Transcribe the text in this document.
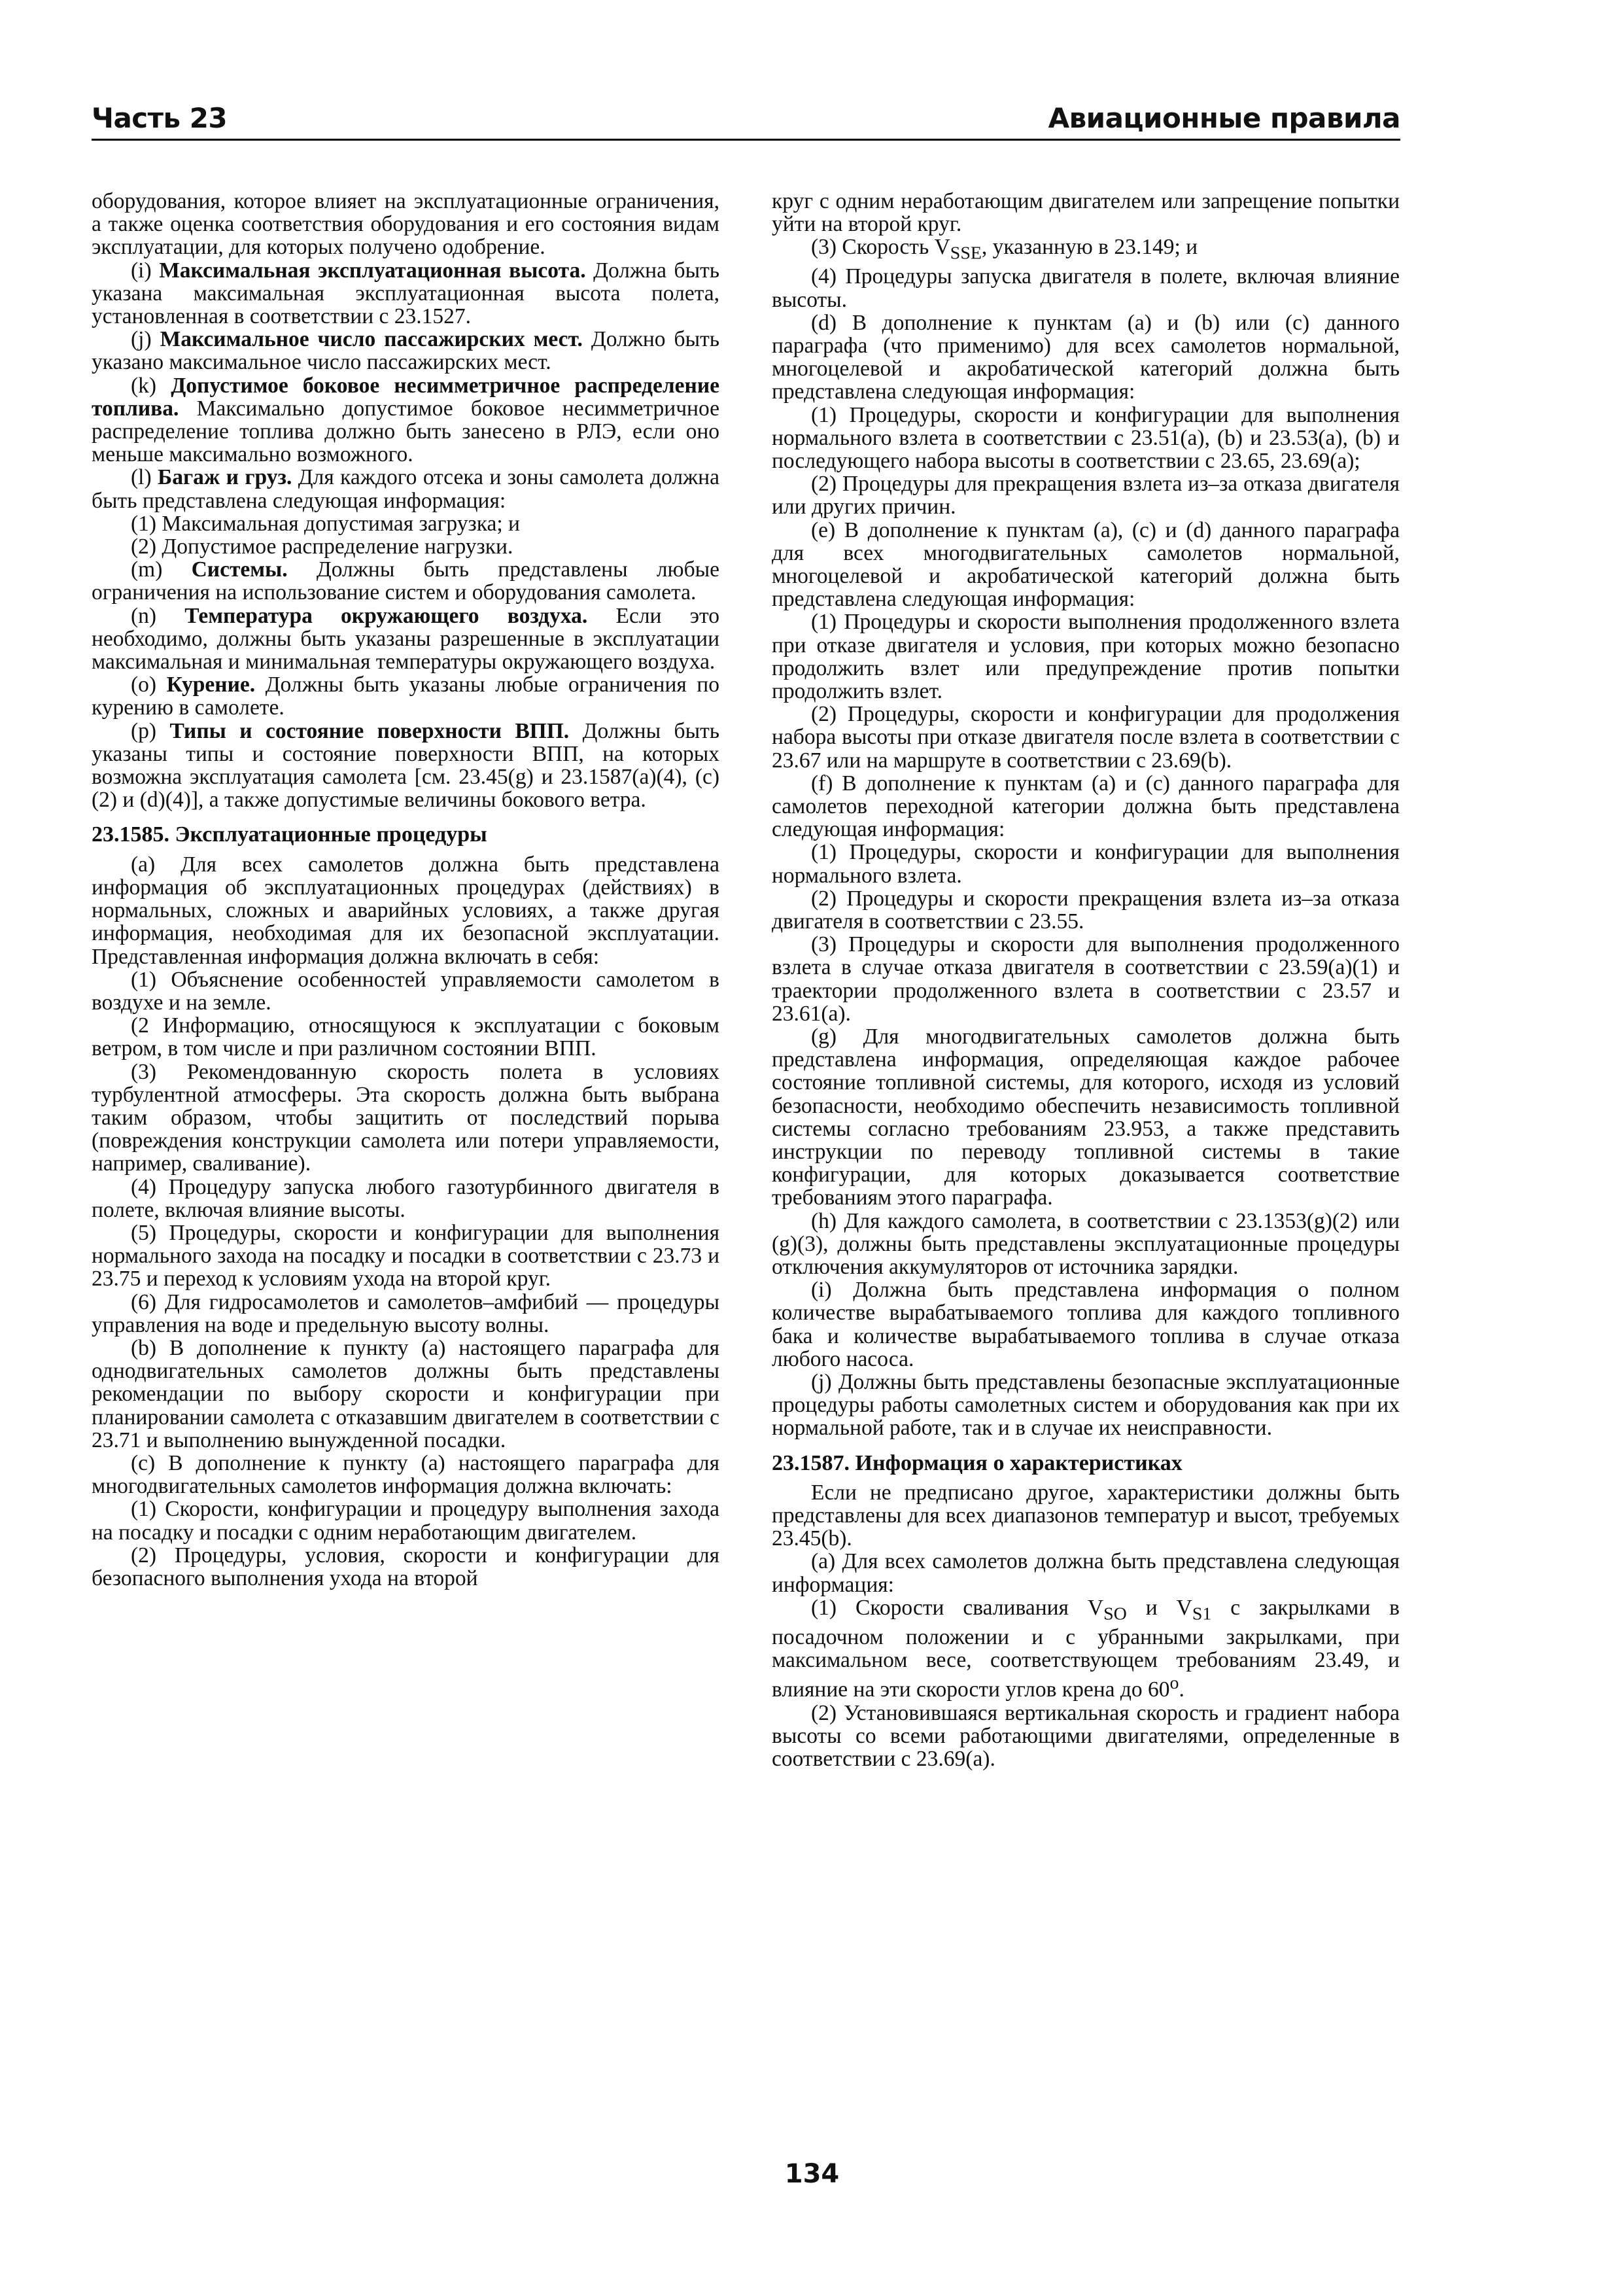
Часть 23	Авиационные правила

оборудования, которое влияет на эксплуатационные ограничения, а также оценка соответствия оборудования и его состояния видам эксплуатации, для которых получено одобрение.

(i) Максимальная эксплуатационная высота. Должна быть указана максимальная эксплуатационная высота полета, установленная в соответствии с 23.1527.

(j) Максимальное число пассажирских мест. Должно быть указано максимальное число пассажирских мест.

(k) Допустимое боковое несимметричное распределение топлива. Максимально допустимое боковое несимметричное распределение топлива должно быть занесено в РЛЭ, если оно меньше максимально возможного.

(l) Багаж и груз. Для каждого отсека и зоны самолета должна быть представлена следующая информация:

(1) Максимальная допустимая загрузка; и

(2) Допустимое распределение нагрузки.

(m) Системы. Должны быть представлены любые ограничения на использование систем и оборудования самолета.

(n) Температура окружающего воздуха. Если это необходимо, должны быть указаны разрешенные в эксплуатации максимальная и минимальная температуры окружающего воздуха.

(o) Курение. Должны быть указаны любые ограничения по курению в самолете.

(p) Типы и состояние поверхности ВПП. Должны быть указаны типы и состояние поверхности ВПП, на которых возможна эксплуатация самолета [см. 23.45(g) и 23.1587(a)(4), (c)(2) и (d)(4)], а также допустимые величины бокового ветра.

23.1585. Эксплуатационные процедуры

(a) Для всех самолетов должна быть представлена информация об эксплуатационных процедурах (действиях) в нормальных, сложных и аварийных условиях, а также другая информация, необходимая для их безопасной эксплуатации. Представленная информация должна включать в себя:

(1) Объяснение особенностей управляемости самолетом в воздухе и на земле.

(2 Информацию, относящуюся к эксплуатации с боковым ветром, в том числе и при различном состоянии ВПП.

(3) Рекомендованную скорость полета в условиях турбулентной атмосферы. Эта скорость должна быть выбрана таким образом, чтобы защитить от последствий порыва (повреждения конструкции самолета или потери управляемости, например, сваливание).

(4) Процедуру запуска любого газотурбинного двигателя в полете, включая влияние высоты.

(5) Процедуры, скорости и конфигурации для выполнения нормального захода на посадку и посадки в соответствии с 23.73 и 23.75 и переход к условиям ухода на второй круг.

(6) Для гидросамолетов и самолетов–амфибий — процедуры управления на воде и предельную высоту волны.

(b) В дополнение к пункту (a) настоящего параграфа для однодвигательных самолетов должны быть представлены рекомендации по выбору скорости и конфигурации при планировании самолета с отказавшим двигателем в соответствии с 23.71 и выполнению вынужденной посадки.

(c) В дополнение к пункту (a) настоящего параграфа для многодвигательных самолетов информация должна включать:

(1) Скорости, конфигурации и процедуру выполнения захода на посадку и посадки с одним неработающим двигателем.

(2) Процедуры, условия, скорости и конфигурации для безопасного выполнения ухода на второй

круг с одним неработающим двигателем или запрещение попытки уйти на второй круг.

(3) Скорость $V_{SSE}$, указанную в 23.149; и

(4) Процедуры запуска двигателя в полете, включая влияние высоты.

(d) В дополнение к пунктам (a) и (b) или (c) данного параграфа (что применимо) для всех самолетов нормальной, многоцелевой и акробатической категорий должна быть представлена следующая информация:

(1) Процедуры, скорости и конфигурации для выполнения нормального взлета в соответствии с 23.51(a), (b) и 23.53(a), (b) и последующего набора высоты в соответствии с 23.65, 23.69(a);

(2) Процедуры для прекращения взлета из–за отказа двигателя или других причин.

(e) В дополнение к пунктам (a), (c) и (d) данного параграфа для всех многодвигательных самолетов нормальной, многоцелевой и акробатической категорий должна быть представлена следующая информация:

(1) Процедуры и скорости выполнения продолженного взлета при отказе двигателя и условия, при которых можно безопасно продолжить взлет или предупреждение против попытки продолжить взлет.

(2) Процедуры, скорости и конфигурации для продолжения набора высоты при отказе двигателя после взлета в соответствии с 23.67 или на маршруте в соответствии с 23.69(b).

(f) В дополнение к пунктам (a) и (c) данного параграфа для самолетов переходной категории должна быть представлена следующая информация:

(1) Процедуры, скорости и конфигурации для выполнения нормального взлета.

(2) Процедуры и скорости прекращения взлета из–за отказа двигателя в соответствии с 23.55.

(3) Процедуры и скорости для выполнения продолженного взлета в случае отказа двигателя в соответствии с 23.59(a)(1) и траектории продолженного взлета в соответствии с 23.57 и 23.61(a).

(g) Для многодвигательных самолетов должна быть представлена информация, определяющая каждое рабочее состояние топливной системы, для которого, исходя из условий безопасности, необходимо обеспечить независимость топливной системы согласно требованиям 23.953, а также представить инструкции по переводу топливной системы в такие конфигурации, для которых доказывается соответствие требованиям этого параграфа.

(h) Для каждого самолета, в соответствии с 23.1353(g)(2) или (g)(3), должны быть представлены эксплуатационные процедуры отключения аккумуляторов от источника зарядки.

(i) Должна быть представлена информация о полном количестве вырабатываемого топлива для каждого топливного бака и количестве вырабатываемого топлива в случае отказа любого насоса.

(j) Должны быть представлены безопасные эксплуатационные процедуры работы самолетных систем и оборудования как при их нормальной работе, так и в случае их неисправности.

23.1587. Информация о характеристиках

Если не предписано другое, характеристики должны быть представлены для всех диапазонов температур и высот, требуемых 23.45(b).

(a) Для всех самолетов должна быть представлена следующая информация:

(1) Скорости сваливания $V_{SO}$ и $V_{S1}$ с закрылками в посадочном положении и с убранными закрылками, при максимальном весе, соответствующем требованиям 23.49, и влияние на эти скорости углов крена до 60$^o$.

(2) Установившаяся вертикальная скорость и градиент набора высоты со всеми работающими двигателями, определенные в соответствии с 23.69(a).

134
